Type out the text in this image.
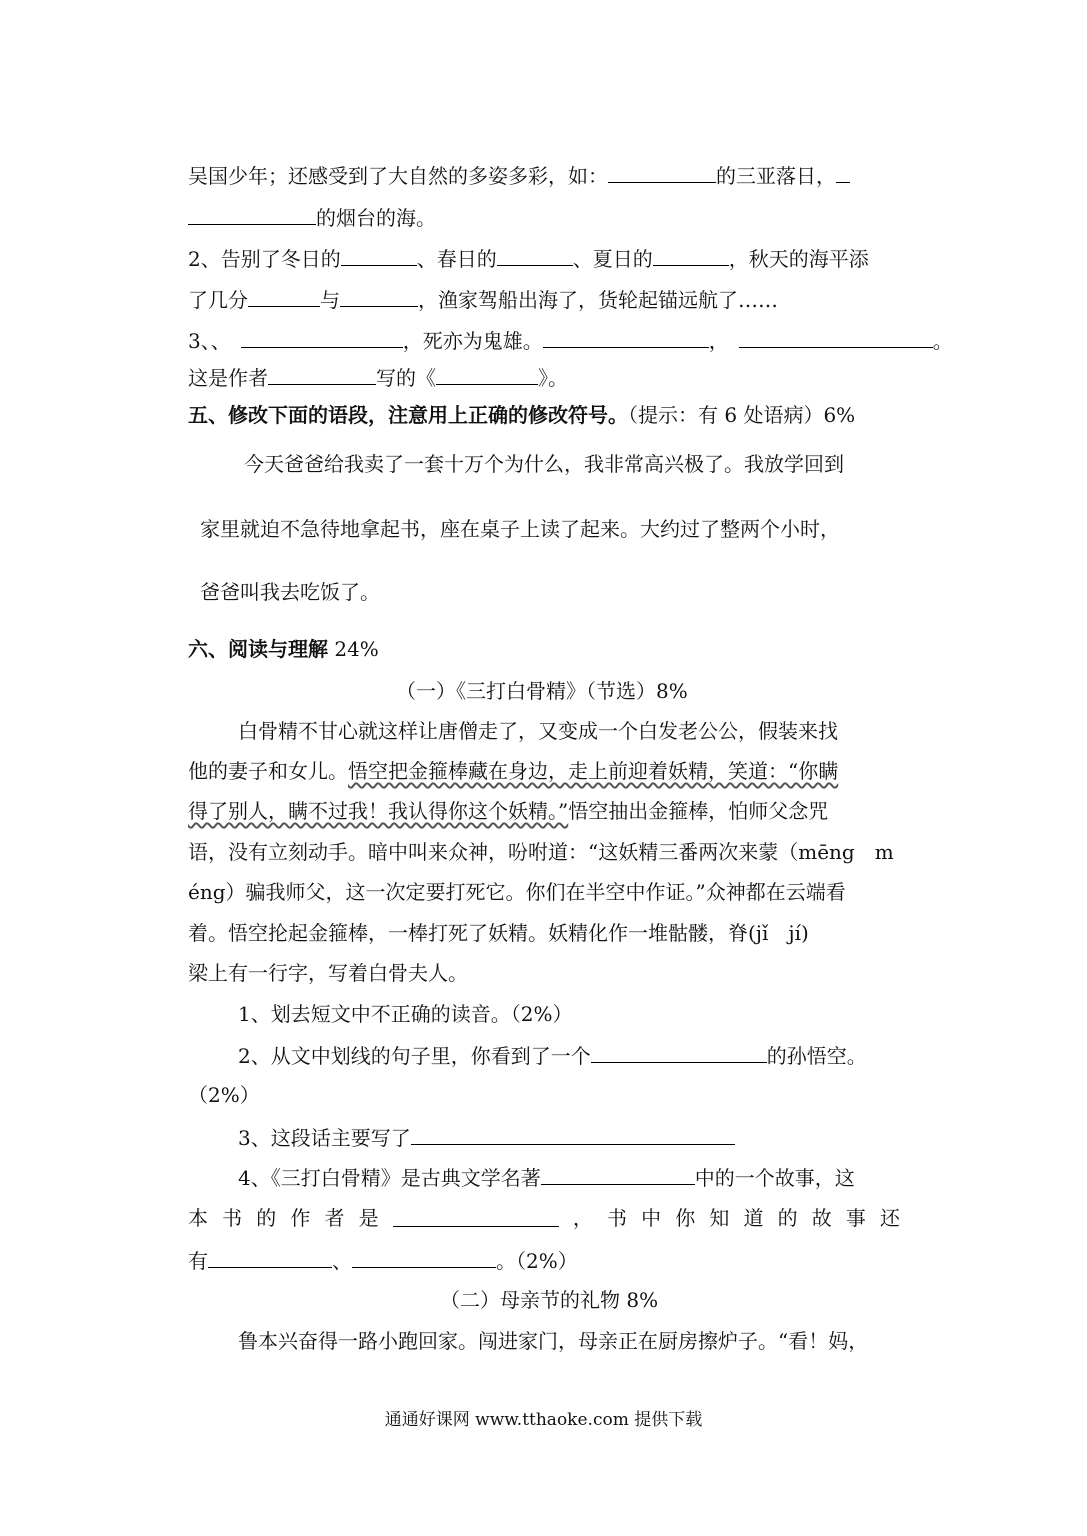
吴国少年；还感受到了大自然的多姿多彩，如：	的三亚落日，
的烟台的海。
2、告别了冬日的	、春日的	、夏日的	，秋天的海平添
了几分	与	，渔家驾船出海了，货轮起锚远航了……
3、、	，死亦为鬼雄。	，	。
这是作者	写的《	》。
五、修改下面的语段，注意用上正确的修改符号。（提示：有 6 处语病）6%
今天爸爸给我卖了一套十万个为什么，我非常高兴极了。我放学回到
家里就迫不急待地拿起书，座在桌子上读了起来。大约过了整两个小时，
爸爸叫我去吃饭了。
六、阅读与理解 24%
（一）《三打白骨精》（节选）8%
白骨精不甘心就这样让唐僧走了，又变成一个白发老公公，假装来找
他的妻子和女儿。悟空把金箍棒藏在身边，走上前迎着妖精，笑道：“你瞒
得了别人，瞒不过我！我认得你这个妖精。”悟空抽出金箍棒，怕师父念咒
语，没有立刻动手。暗中叫来众神，吩咐道：“这妖精三番两次来蒙（mēng　m
éng）骗我师父，这一次定要打死它。你们在半空中作证。”众神都在云端看
着。悟空抡起金箍棒，一棒打死了妖精。妖精化作一堆骷髅，脊(jǐ　jí)
梁上有一行字，写着白骨夫人。
1、划去短文中不正确的读音。（2%）
2、从文中划线的句子里，你看到了一个	的孙悟空。
（2%）
3、这段话主要写了
4、《三打白骨精》是古典文学名著	中的一个故事，这
本 书 的 作 者 是	， 书 中 你 知 道 的 故 事 还
有	、	。（2%）
（二）母亲节的礼物 8%
鲁本兴奋得一路小跑回家。闯进家门，母亲正在厨房擦炉子。“看！妈，
通通好课网 www.tthaoke.com 提供下载
